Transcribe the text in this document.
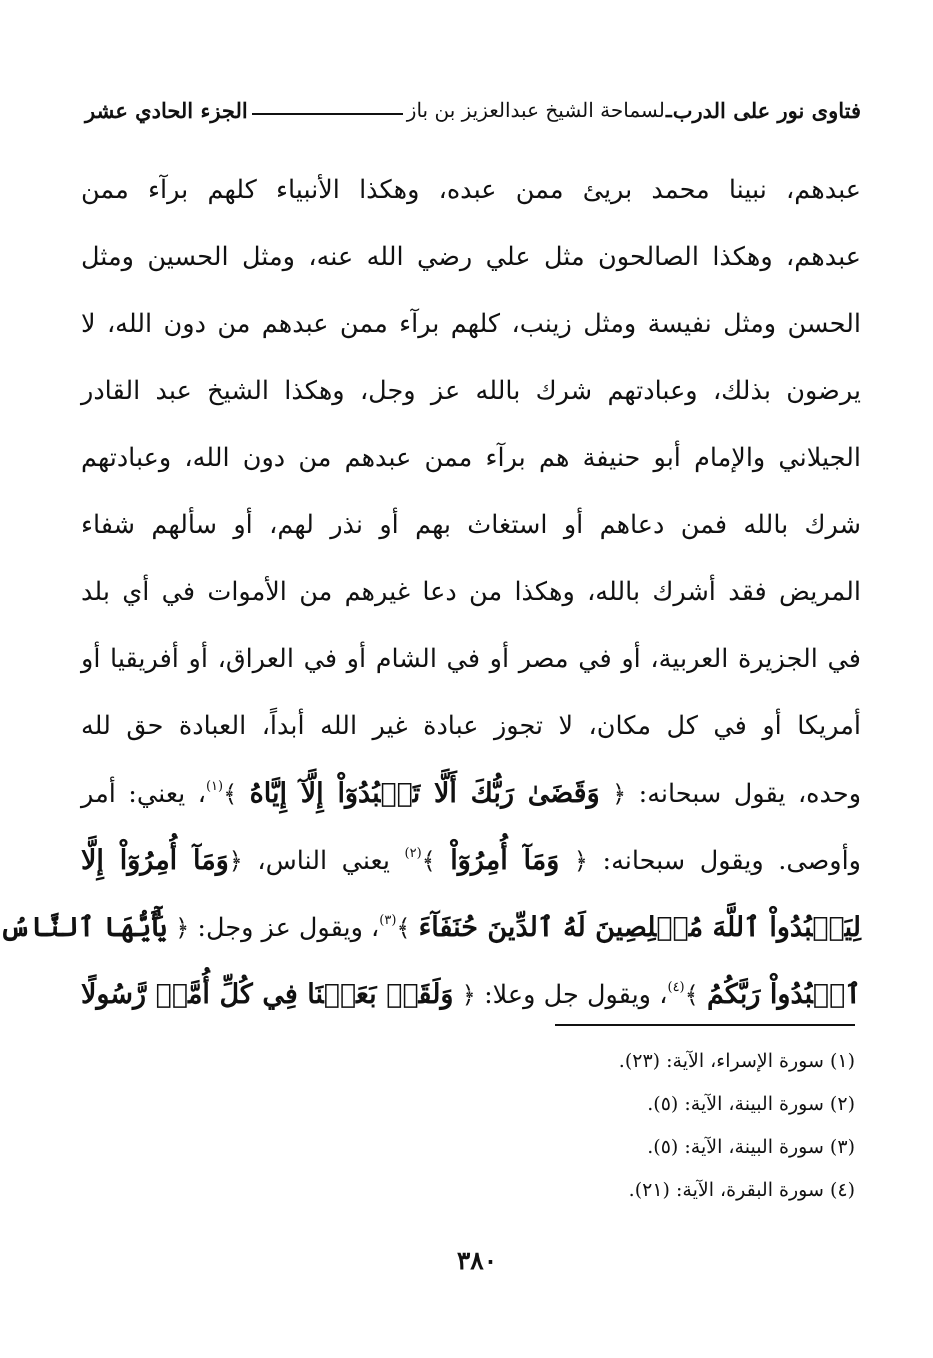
فتاوى نور على الدرب
ـ
لسماحة الشيخ عبدالعزيز بن باز
الجزء الحادي عشر
عبدهم، نبينا محمد بريئ ممن عبده، وهكذا الأنبياء كلهم برآء ممن
عبدهم، وهكذا الصالحون مثل علي رضي الله عنه، ومثل الحسين ومثل
الحسن ومثل نفيسة ومثل زينب، كلهم برآء ممن عبدهم من دون الله، لا
يرضون بذلك، وعبادتهم شرك بالله عز وجل، وهكذا الشيخ عبد القادر
الجيلاني والإمام أبو حنيفة هم برآء ممن عبدهم من دون الله، وعبادتهم
شرك بالله فمن دعاهم أو استغاث بهم أو نذر لهم، أو سألهم شفاء
المريض فقد أشرك بالله، وهكذا من دعا غيرهم من الأموات في أي بلد
في الجزيرة العربية، أو في مصر أو في الشام أو في العراق، أو أفريقيا أو
أمريكا أو في كل مكان، لا تجوز عبادة غير الله أبداً، العبادة حق لله
وحده، يقول سبحانه: ﴿ وَقَضَىٰ رَبُّكَ أَلَّا تَعۡبُدُوٓاْ إِلَّآ إِيَّاهُ ﴾$^{(١)}$، يعني: أمر
وأوصى. ويقول سبحانه: ﴿ وَمَآ أُمِرُوٓاْ ﴾$^{(٢)}$ يعني الناس، ﴿وَمَآ أُمِرُوٓاْ إِلَّا
لِيَعۡبُدُواْ ٱللَّهَ مُخۡلِصِينَ لَهُ ٱلدِّينَ حُنَفَآءَ ﴾$^{(٣)}$، ويقول عز وجل: ﴿ يَٰٓأَيُّهَا ٱلنَّاسُ
ٱعۡبُدُواْ رَبَّكُمُ ﴾$^{(٤)}$، ويقول جل وعلا: ﴿ وَلَقَدۡ بَعَثۡنَا فِي كُلِّ أُمَّةٖ رَّسُولًا
(١) سورة الإسراء، الآية: (٢٣).
(٢) سورة البينة، الآية: (٥).
(٣) سورة البينة، الآية: (٥).
(٤) سورة البقرة، الآية: (٢١).
٣٨٠
